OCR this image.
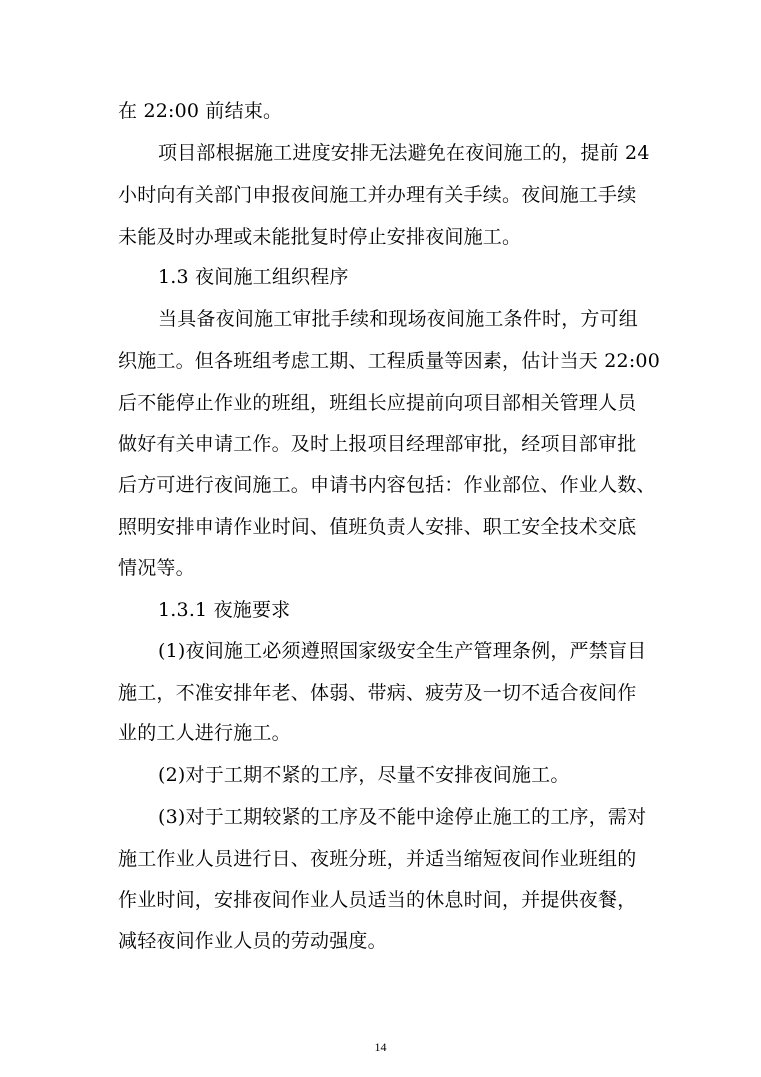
在 22:00 前结束。
项目部根据施工进度安排无法避免在夜间施工的，提前 24
小时向有关部门申报夜间施工并办理有关手续。夜间施工手续
未能及时办理或未能批复时停止安排夜间施工。
1.3 夜间施工组织程序
当具备夜间施工审批手续和现场夜间施工条件时，方可组
织施工。但各班组考虑工期、工程质量等因素，估计当天 22:00
后不能停止作业的班组，班组长应提前向项目部相关管理人员
做好有关申请工作。及时上报项目经理部审批，经项目部审批
后方可进行夜间施工。申请书内容包括：作业部位、作业人数、
照明安排申请作业时间、值班负责人安排、职工安全技术交底
情况等。
1.3.1 夜施要求
(1)夜间施工必须遵照国家级安全生产管理条例，严禁盲目
施工，不准安排年老、体弱、带病、疲劳及一切不适合夜间作
业的工人进行施工。
(2)对于工期不紧的工序，尽量不安排夜间施工。
(3)对于工期较紧的工序及不能中途停止施工的工序，需对
施工作业人员进行日、夜班分班，并适当缩短夜间作业班组的
作业时间，安排夜间作业人员适当的休息时间，并提供夜餐，
减轻夜间作业人员的劳动强度。
14
